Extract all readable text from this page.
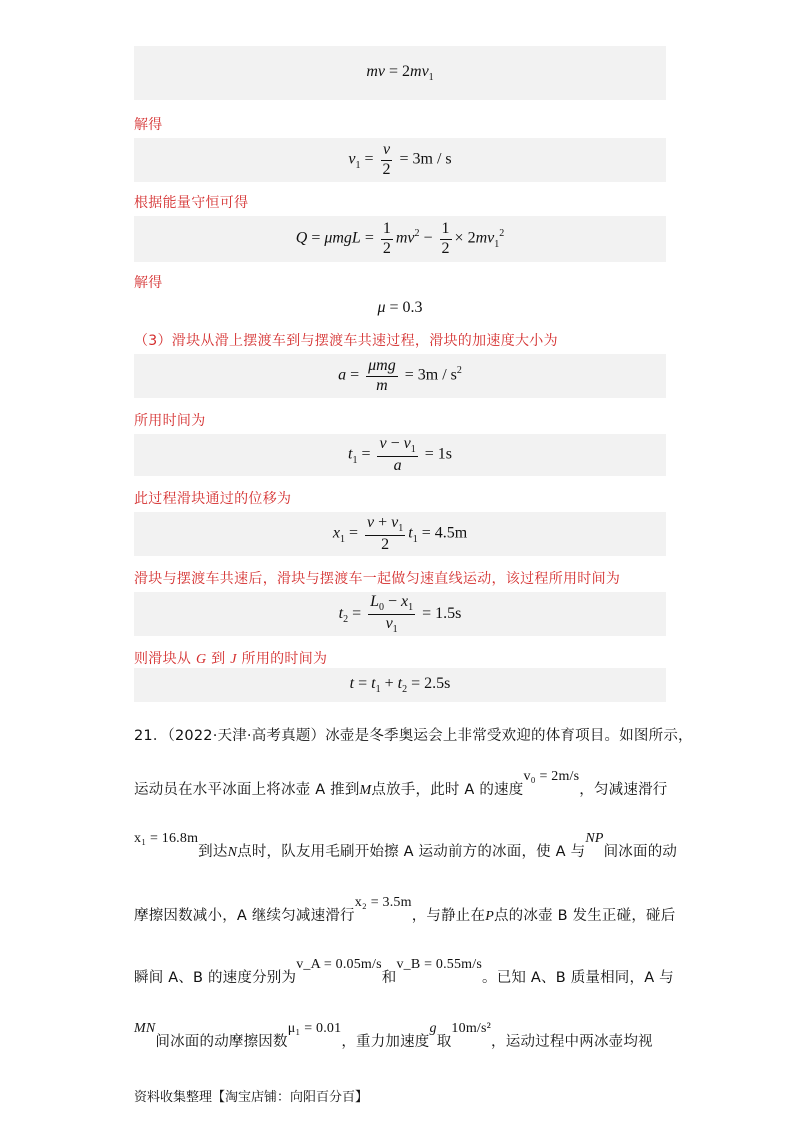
mv = $2mv_1$
解得
$v_1 = \frac{v}{2} = 3m / s$
根据能量守恒可得
$Q = \mu mgL = \frac{1}{2} mv^2 - \frac{1}{2} \times 2mv_1^2$
解得
μ = 0.3
（3）滑块从滑上摆渡车到与摆渡车共速过程，滑块的加速度大小为
$a = \frac{\text{μmg}}{m} = 3m / s^2$
所用时间为
$t_1 = \frac{v - v_1}{a} = 1s$
此过程滑块通过的位移为
$x_1 = \frac{v + v_1}{2} t_1 = 4.5m$
滑块与摆渡车共速后，滑块与摆渡车一起做匀速直线运动，该过程所用时间为
$t_2 = \frac{L_0 - x_1}{v_1} = 1.5s$
则滑块从 G 到 J 所用的时间为
$t = t_1 + t_2 = 2.5s$
21．（2022·天津·高考真题）冰壶是冬季奥运会上非常受欢迎的体育项目。如图所示，
运动员在水平冰面上将冰壶 A 推到M点放手，此时 A 的速度v₀ = 2m/s，匀减速滑行
x₁ = 16.8m到达N点时，队友用毛刷开始擦 A 运动前方的冰面，使 A 与NP间冰面的动
摩擦因数减小，A 继续匀减速滑行x₂ = 3.5m，与静止在P点的冰壶 B 发生正碰，碰后
瞬间 A、B 的速度分别为v_A = 0.05m/s和v_B = 0.55m/s。已知 A、B 质量相同，A 与
MN间冰面的动摩擦因数μ₁ = 0.01，重力加速度g取10m/s²，运动过程中两冰壶均视
资料收集整理【淘宝店铺：向阳百分百】
